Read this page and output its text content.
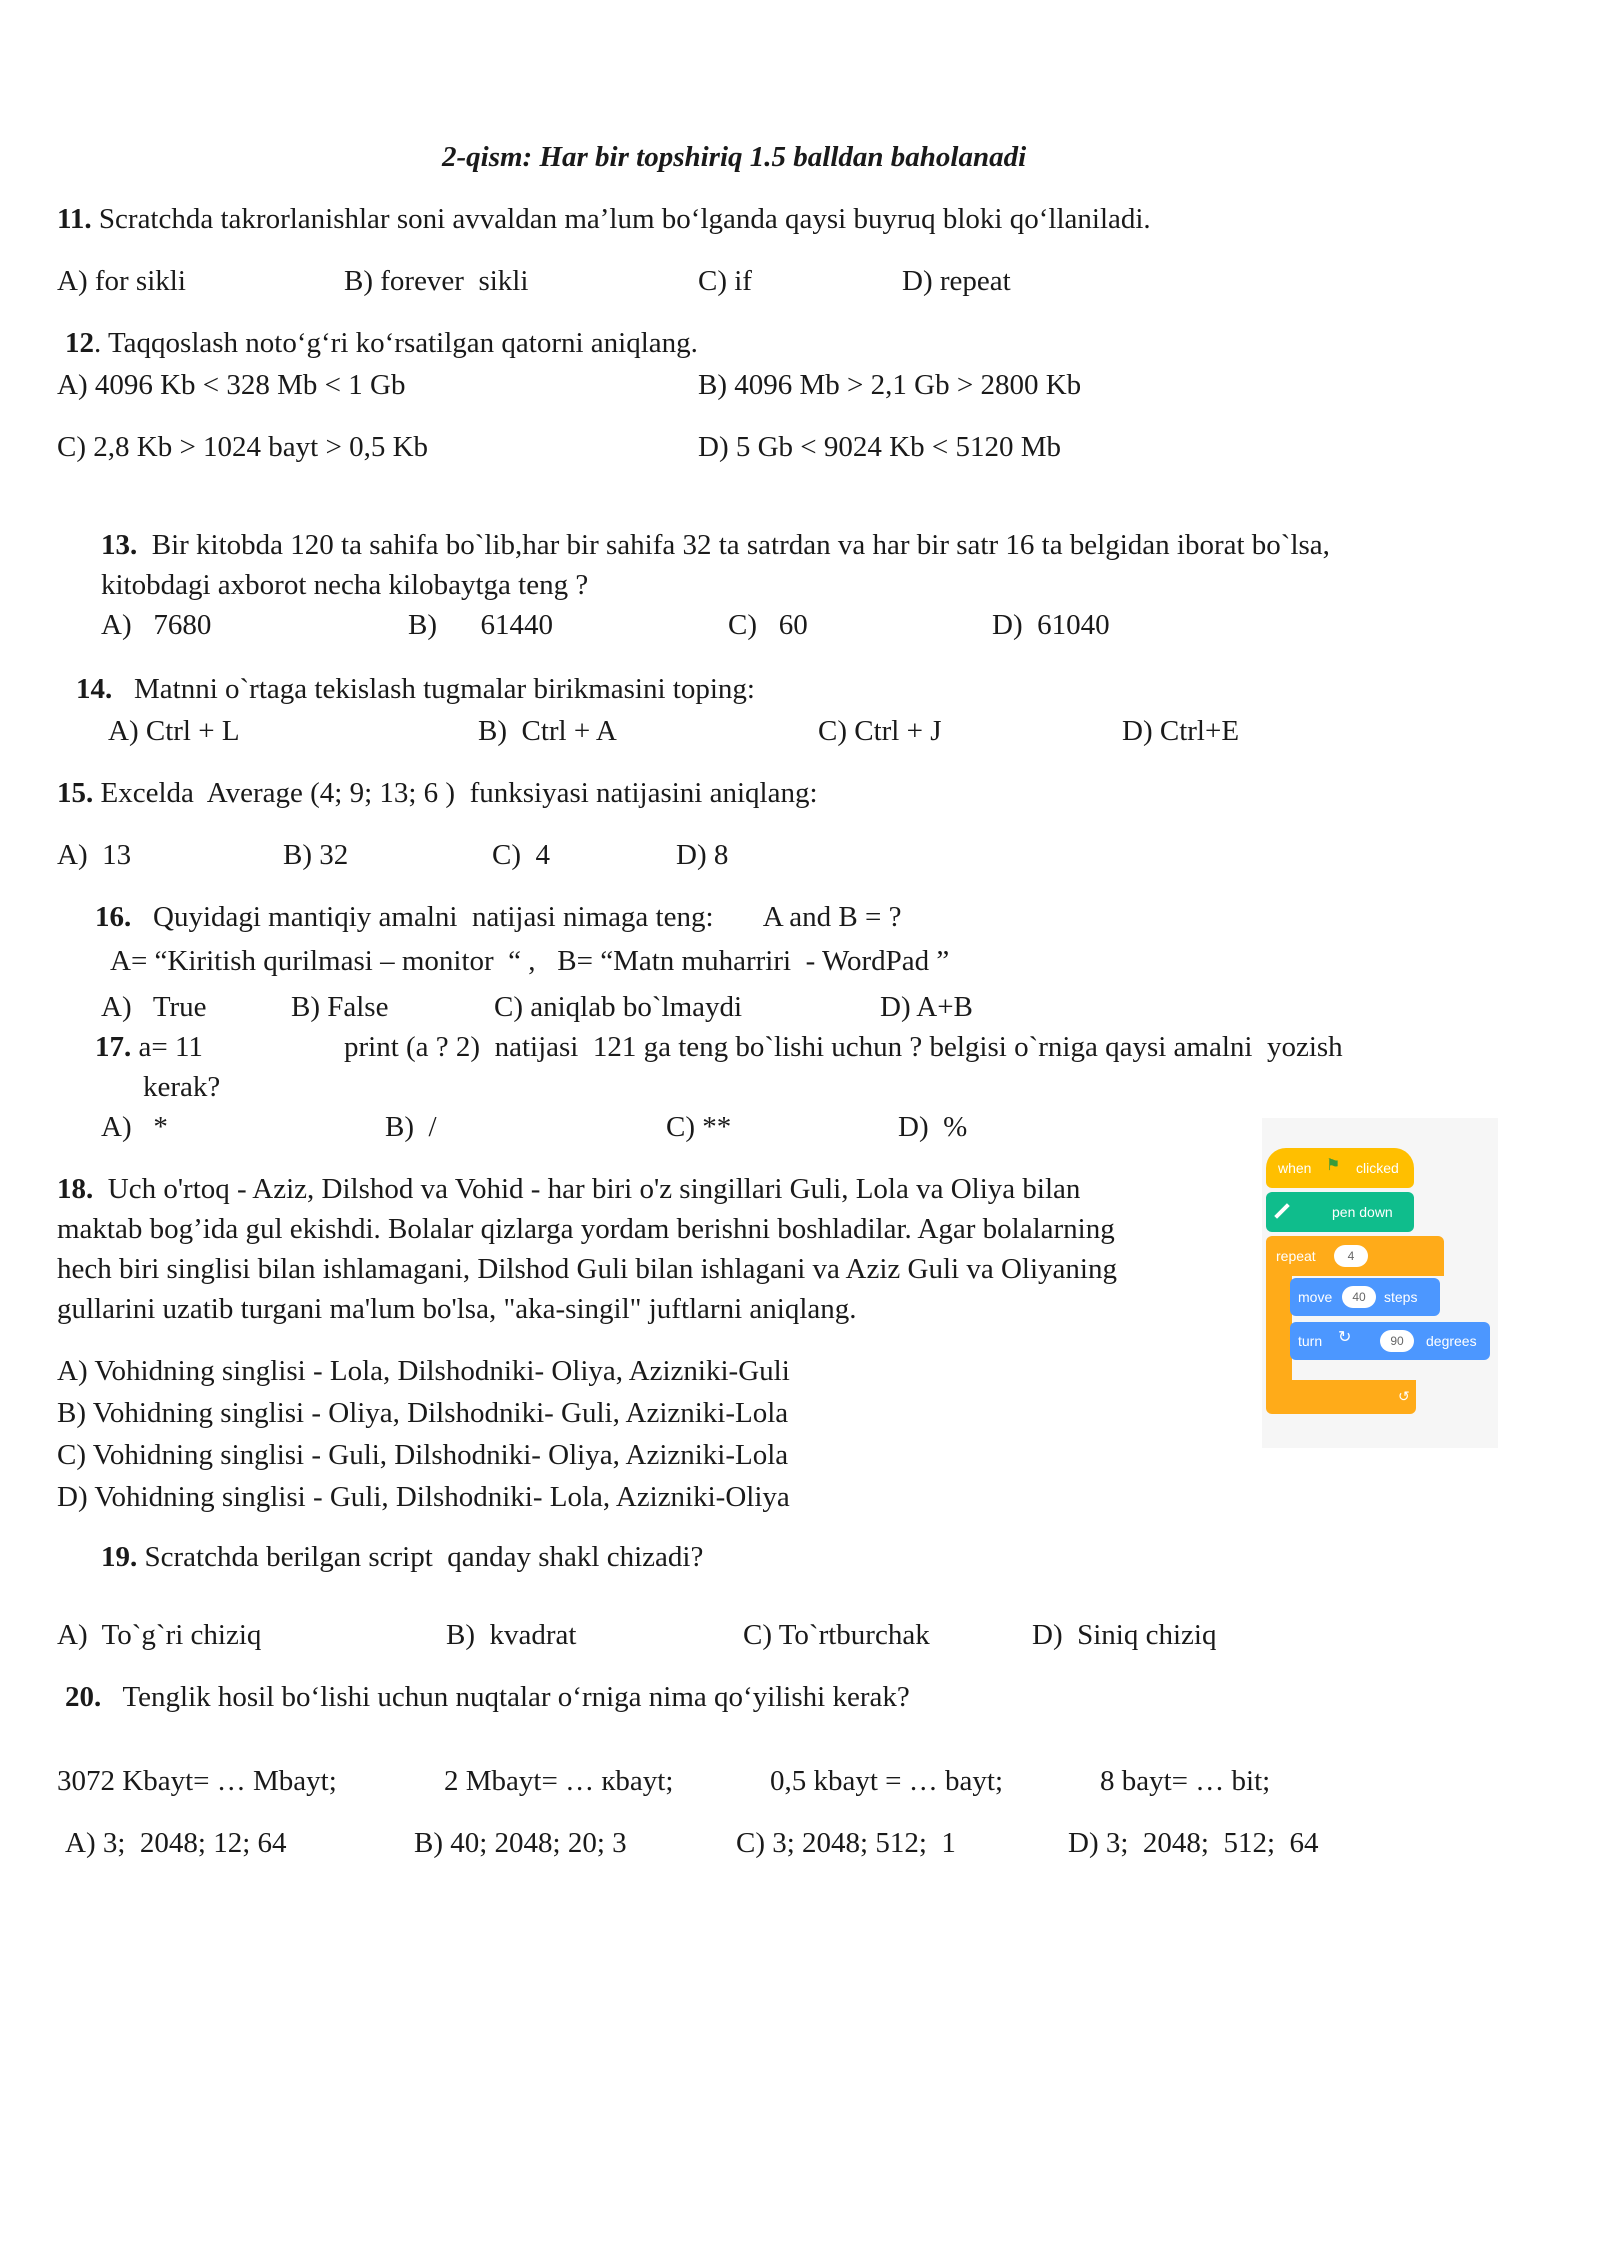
2-qism: Har bir topshiriq 1.5 balldan baholanadi
11. Scratchda takrorlanishlar soni avvaldan ma’lum bo‘lganda qaysi buyruq bloki qo‘llaniladi.
A) for sikli	B) forever  sikli	C) if	D) repeat
12. Taqqoslash noto‘g‘ri ko‘rsatilgan qatorni aniqlang.
A) 4096 Kb < 328 Mb < 1 Gb	B) 4096 Mb > 2,1 Gb > 2800 Kb
C) 2,8 Kb > 1024 bayt > 0,5 Kb	D) 5 Gb < 9024 Kb < 5120 Mb
13.  Bir kitobda 120 ta sahifa bo`lib,har bir sahifa 32 ta satrdan va har bir satr 16 ta belgidan iborat bo`lsa,
kitobdagi axborot necha kilobaytga teng ?
A)   7680	B)      61440	C)   60	D)  61040
14.   Matnni o`rtaga tekislash tugmalar birikmasini toping:
A) Ctrl + L	B)  Ctrl + A	C) Ctrl + J	D) Ctrl+E
15. Excelda  Average (4; 9; 13; 6 )  funksiyasi natijasini aniqlang:
A)  13	B) 32	C)  4	D) 8
16.   Quyidagi mantiqiy amalni  natijasi nimaga teng:       A and B = ?
A= “Kiritish qurilmasi – monitor  “ ,   B= “Matn muharriri  - WordPad ”
A)   True	B) False	C) aniqlab bo`lmaydi	D) A+B
17. a= 11	print (a ? 2)  natijasi  121 ga teng bo`lishi uchun ? belgisi o`rniga qaysi amalni  yozish
kerak?
A)   *	B)  /	C) **	D)  %
18.  Uch o'rtoq - Aziz, Dilshod va Vohid - har biri o'z singillari Guli, Lola va Oliya bilan
maktab bog’ida gul ekishdi. Bolalar qizlarga yordam berishni boshladilar. Agar bolalarning
hech biri singlisi bilan ishlamagani, Dilshod Guli bilan ishlagani va Aziz Guli va Oliyaning
gullarini uzatib turgani ma'lum bo'lsa, "aka-singil" juftlarni aniqlang.
A) Vohidning singlisi - Lola, Dilshodniki- Oliya, Azizniki-Guli
B) Vohidning singlisi - Oliya, Dilshodniki- Guli, Azizniki-Lola
C) Vohidning singlisi - Guli, Dilshodniki- Oliya, Azizniki-Lola
D) Vohidning singlisi - Guli, Dilshodniki- Lola, Azizniki-Oliya
when ⚑ clicked
pen down
repeat	4
↺
move	40	steps
turn ↻	90	degrees
19. Scratchda berilgan script  qanday shakl chizadi?
A)  To`g`ri chiziq	B)  kvadrat	C) To`rtburchak	D)  Siniq chiziq
20.   Tenglik hosil bo‘lishi uchun nuqtalar o‘rniga nima qo‘yilishi kerak?
3072 Kbayt= … Mbayt;	2 Mbayt= … кbayt;	0,5 kbayt = … bayt;	8 bayt= … bit;
A) 3;  2048; 12; 64	B) 40; 2048; 20; 3	C) 3; 2048; 512;  1	D) 3;  2048;  512;  64
